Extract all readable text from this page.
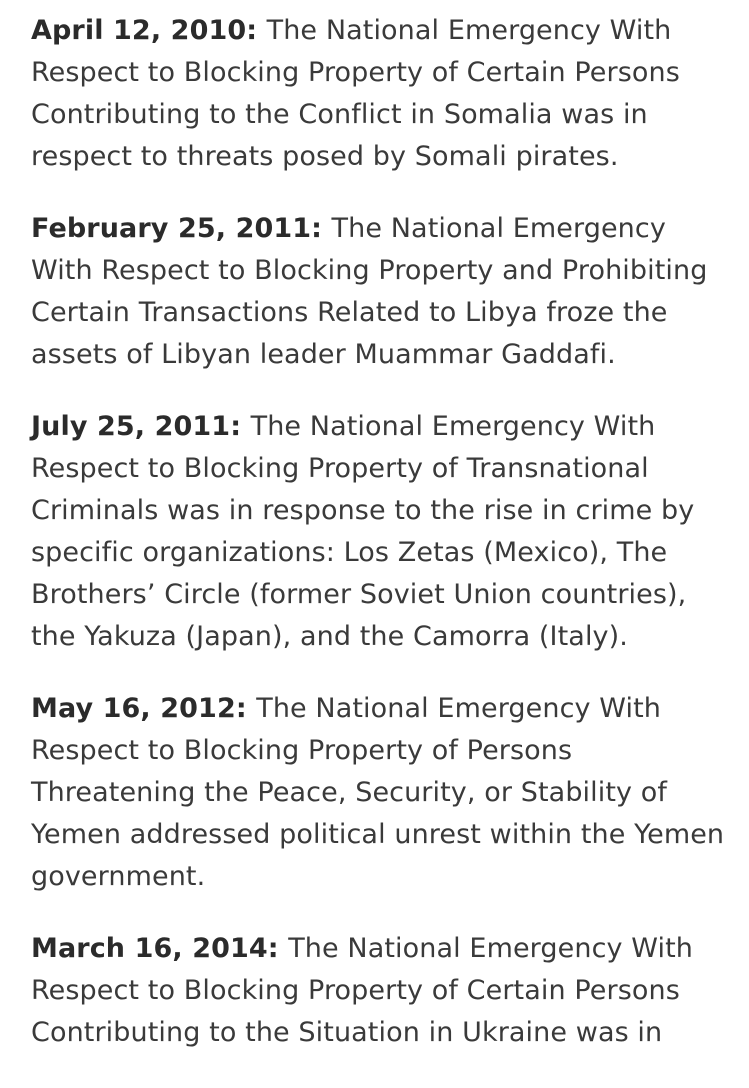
April 12, 2010: The National Emergency With Respect to Blocking Property of Certain Persons Contributing to the Conflict in Somalia was in respect to threats posed by Somali pirates.

February 25, 2011: The National Emergency With Respect to Blocking Property and Prohibiting Certain Transactions Related to Libya froze the assets of Libyan leader Muammar Gaddafi.

July 25, 2011: The National Emergency With Respect to Blocking Property of Transnational Criminals was in response to the rise in crime by specific organizations: Los Zetas (Mexico), The Brothers’ Circle (former Soviet Union countries), the Yakuza (Japan), and the Camorra (Italy).

May 16, 2012: The National Emergency With Respect to Blocking Property of Persons Threatening the Peace, Security, or Stability of Yemen addressed political unrest within the Yemen government.

March 16, 2014: The National Emergency With Respect to Blocking Property of Certain Persons Contributing to the Situation in Ukraine was in
